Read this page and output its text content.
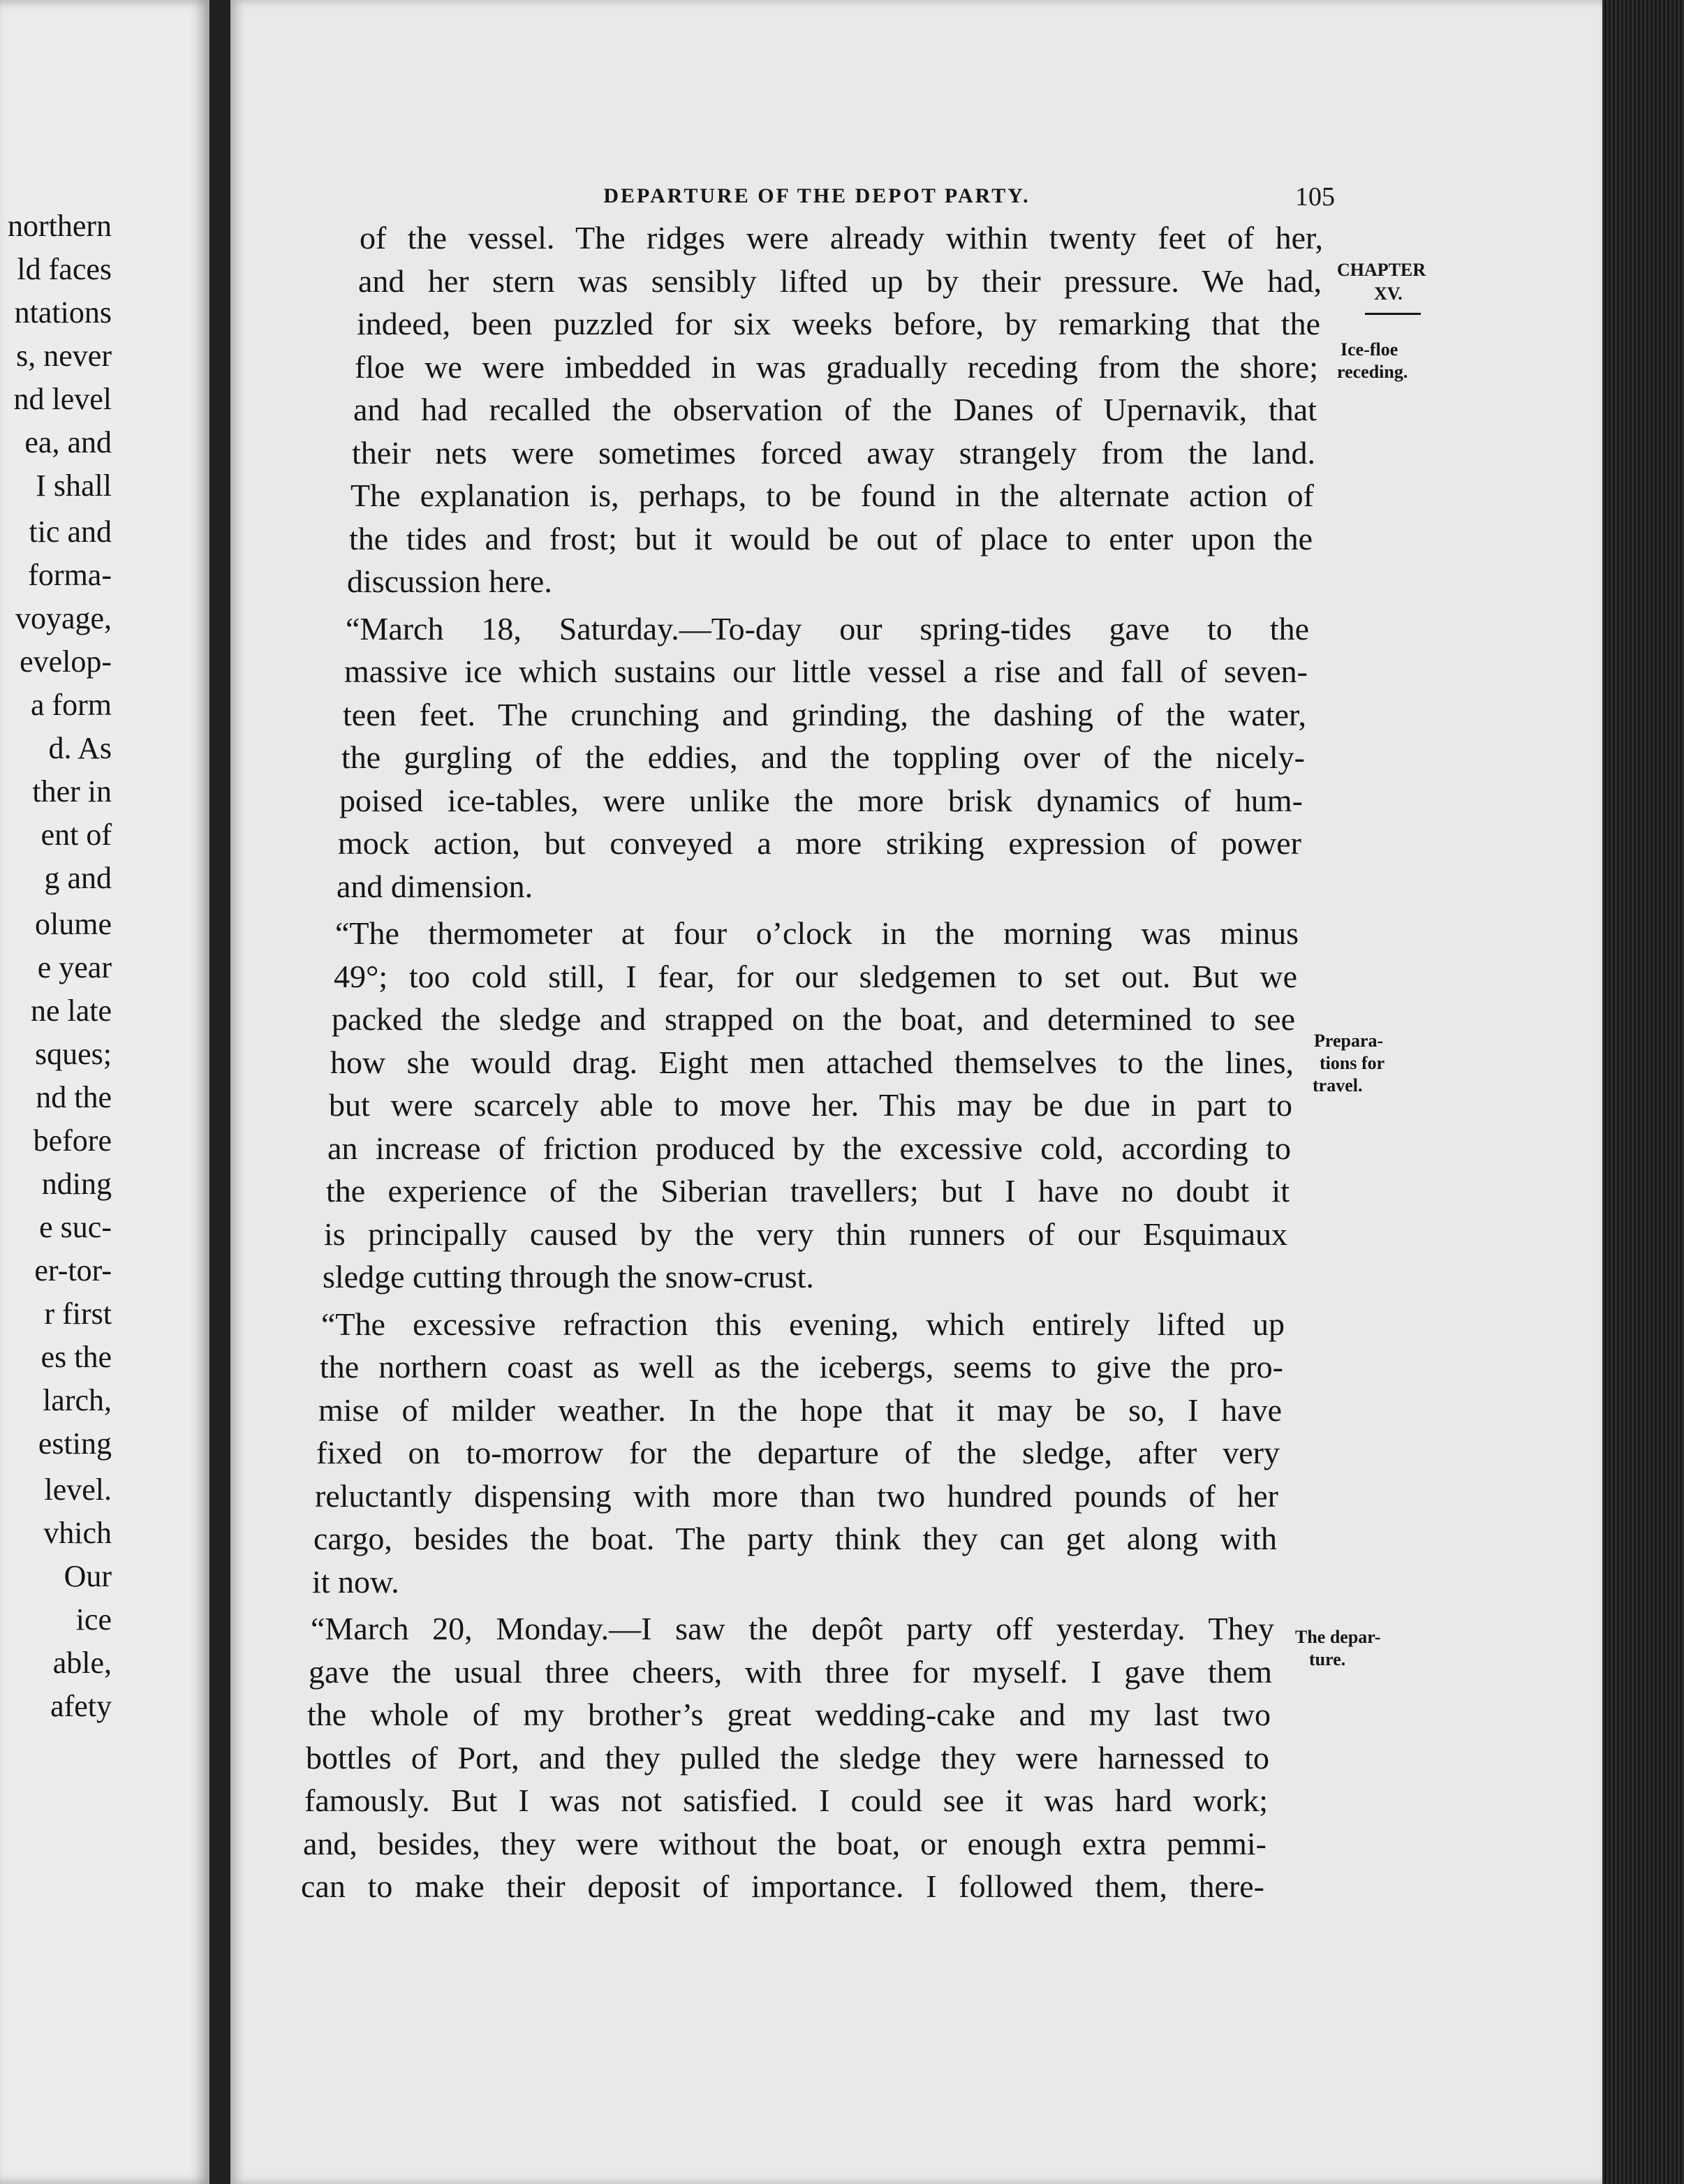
northern
ld faces
ntations
s, never
nd level
ea, and
I shall
tic and
forma-
voyage,
evelop-
a form
d. As
ther in
ent of
g and
olume
e year
ne late
sques;
nd the
before
nding
e suc-
er-tor-
r first
es the
larch,
esting
level.
vhich
Our
ice
able,
afety
DEPARTURE OF THE DEPOT PARTY.	105
of the vessel. The ridges were already within twenty feet of her,
and her stern was sensibly lifted up by their pressure. We had,
indeed, been puzzled for six weeks before, by remarking that the
floe we were imbedded in was gradually receding from the shore;
and had recalled the observation of the Danes of Upernavik, that
their nets were sometimes forced away strangely from the land.
The explanation is, perhaps, to be found in the alternate action of
the tides and frost; but it would be out of place to enter upon the
discussion here.
“March 18, Saturday.—To-day our spring-tides gave to the
massive ice which sustains our little vessel a rise and fall of seven-
teen feet. The crunching and grinding, the dashing of the water,
the gurgling of the eddies, and the toppling over of the nicely-
poised ice-tables, were unlike the more brisk dynamics of hum-
mock action, but conveyed a more striking expression of power
and dimension.
“The thermometer at four o’clock in the morning was minus
49°; too cold still, I fear, for our sledgemen to set out. But we
packed the sledge and strapped on the boat, and determined to see
how she would drag. Eight men attached themselves to the lines,
but were scarcely able to move her. This may be due in part to
an increase of friction produced by the excessive cold, according to
the experience of the Siberian travellers; but I have no doubt it
is principally caused by the very thin runners of our Esquimaux
sledge cutting through the snow-crust.
“The excessive refraction this evening, which entirely lifted up
the northern coast as well as the icebergs, seems to give the pro-
mise of milder weather. In the hope that it may be so, I have
fixed on to-morrow for the departure of the sledge, after very
reluctantly dispensing with more than two hundred pounds of her
cargo, besides the boat. The party think they can get along with
it now.
“March 20, Monday.—I saw the depôt party off yesterday. They
gave the usual three cheers, with three for myself. I gave them
the whole of my brother’s great wedding-cake and my last two
bottles of Port, and they pulled the sledge they were harnessed to
famously. But I was not satisfied. I could see it was hard work;
and, besides, they were without the boat, or enough extra pemmi-
can to make their deposit of importance. I followed them, there-
CHAPTER
XV.
Ice-floe
receding.
Prepara-
tions for
travel.
The depar-
ture.
